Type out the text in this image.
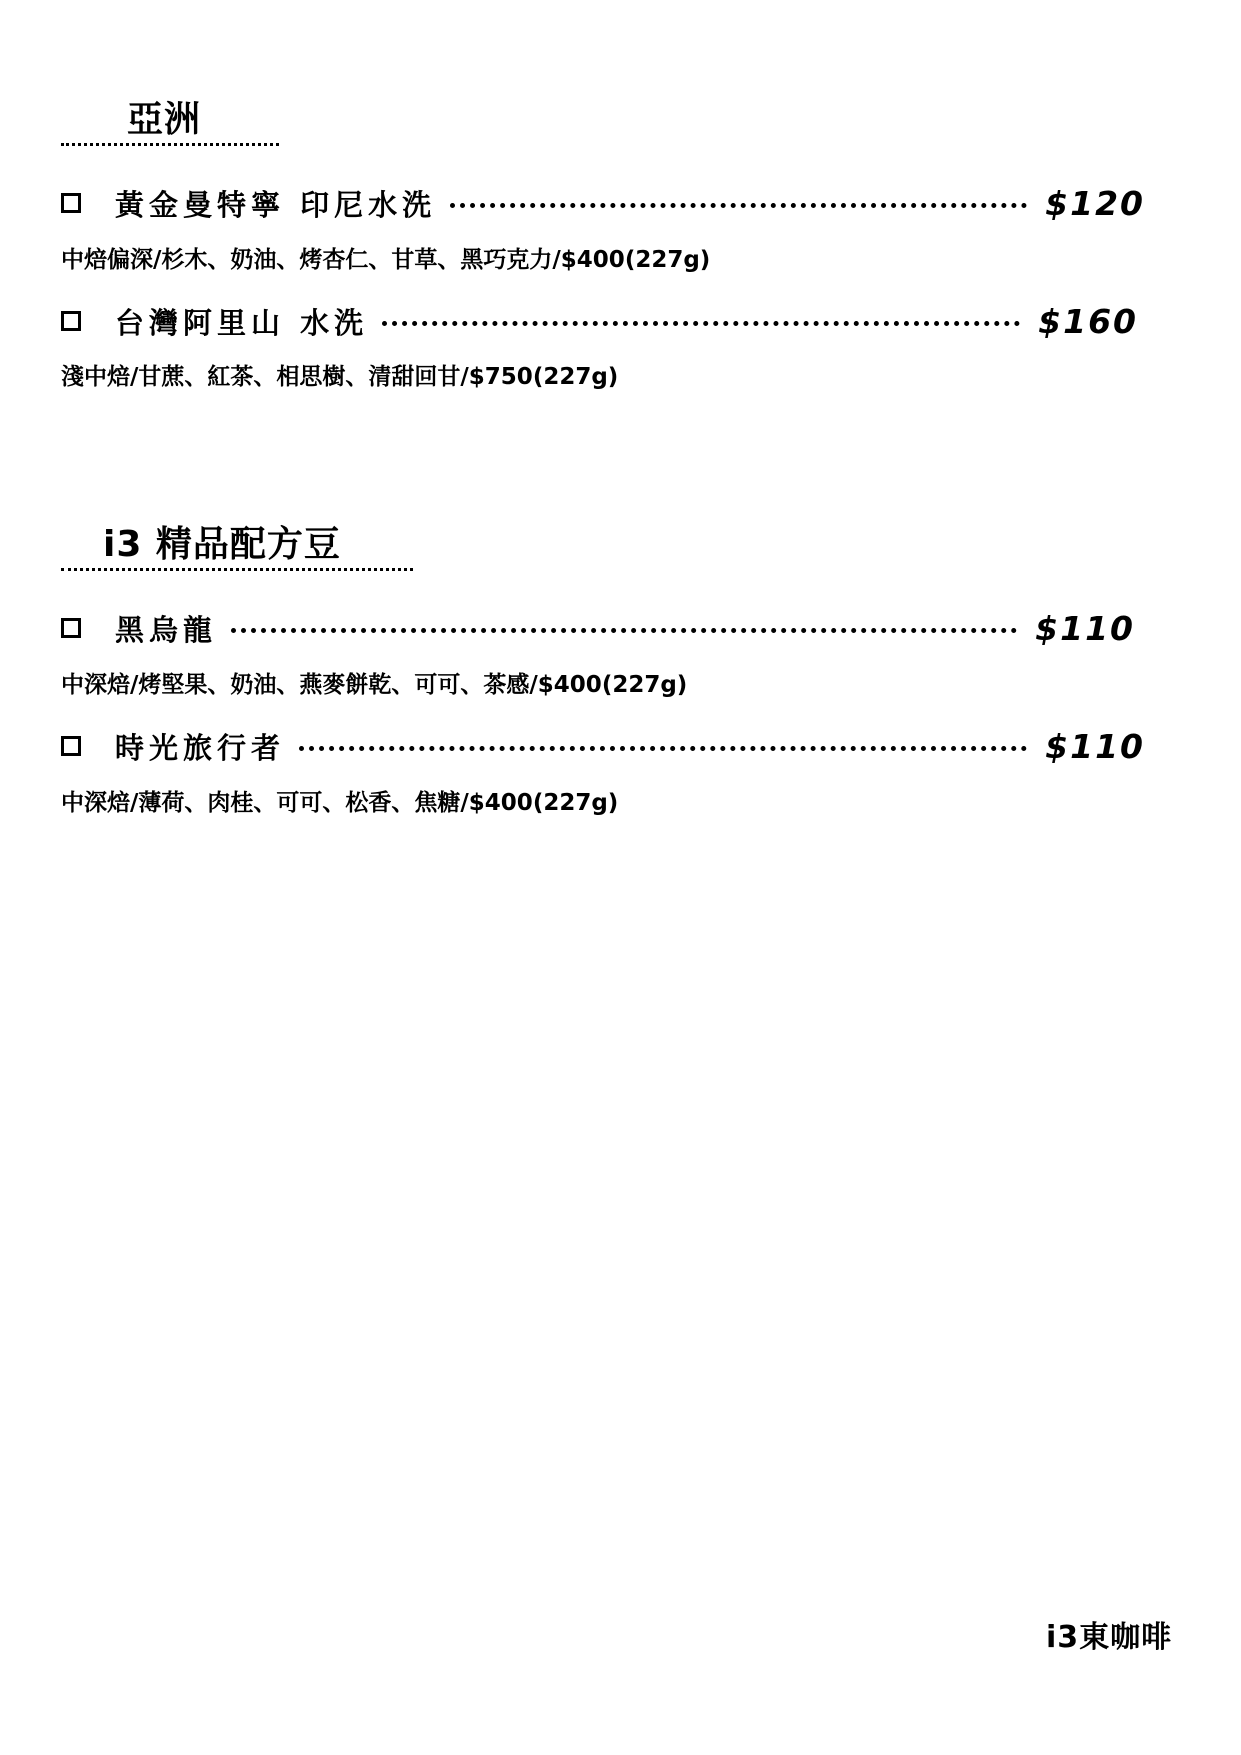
亞洲
黃金曼特寧 印尼水洗	$120
中焙偏深/杉木、奶油、烤杏仁、甘草、黑巧克力/$400(227g)
台灣阿里山 水洗	$160
淺中焙/甘蔗、紅茶、相思樹、清甜回甘/$750(227g)
i3 精品配方豆
黑烏龍	$110
中深焙/烤堅果、奶油、燕麥餅乾、可可、茶感/$400(227g)
時光旅行者	$110
中深焙/薄荷、肉桂、可可、松香、焦糖/$400(227g)
i3東咖啡
